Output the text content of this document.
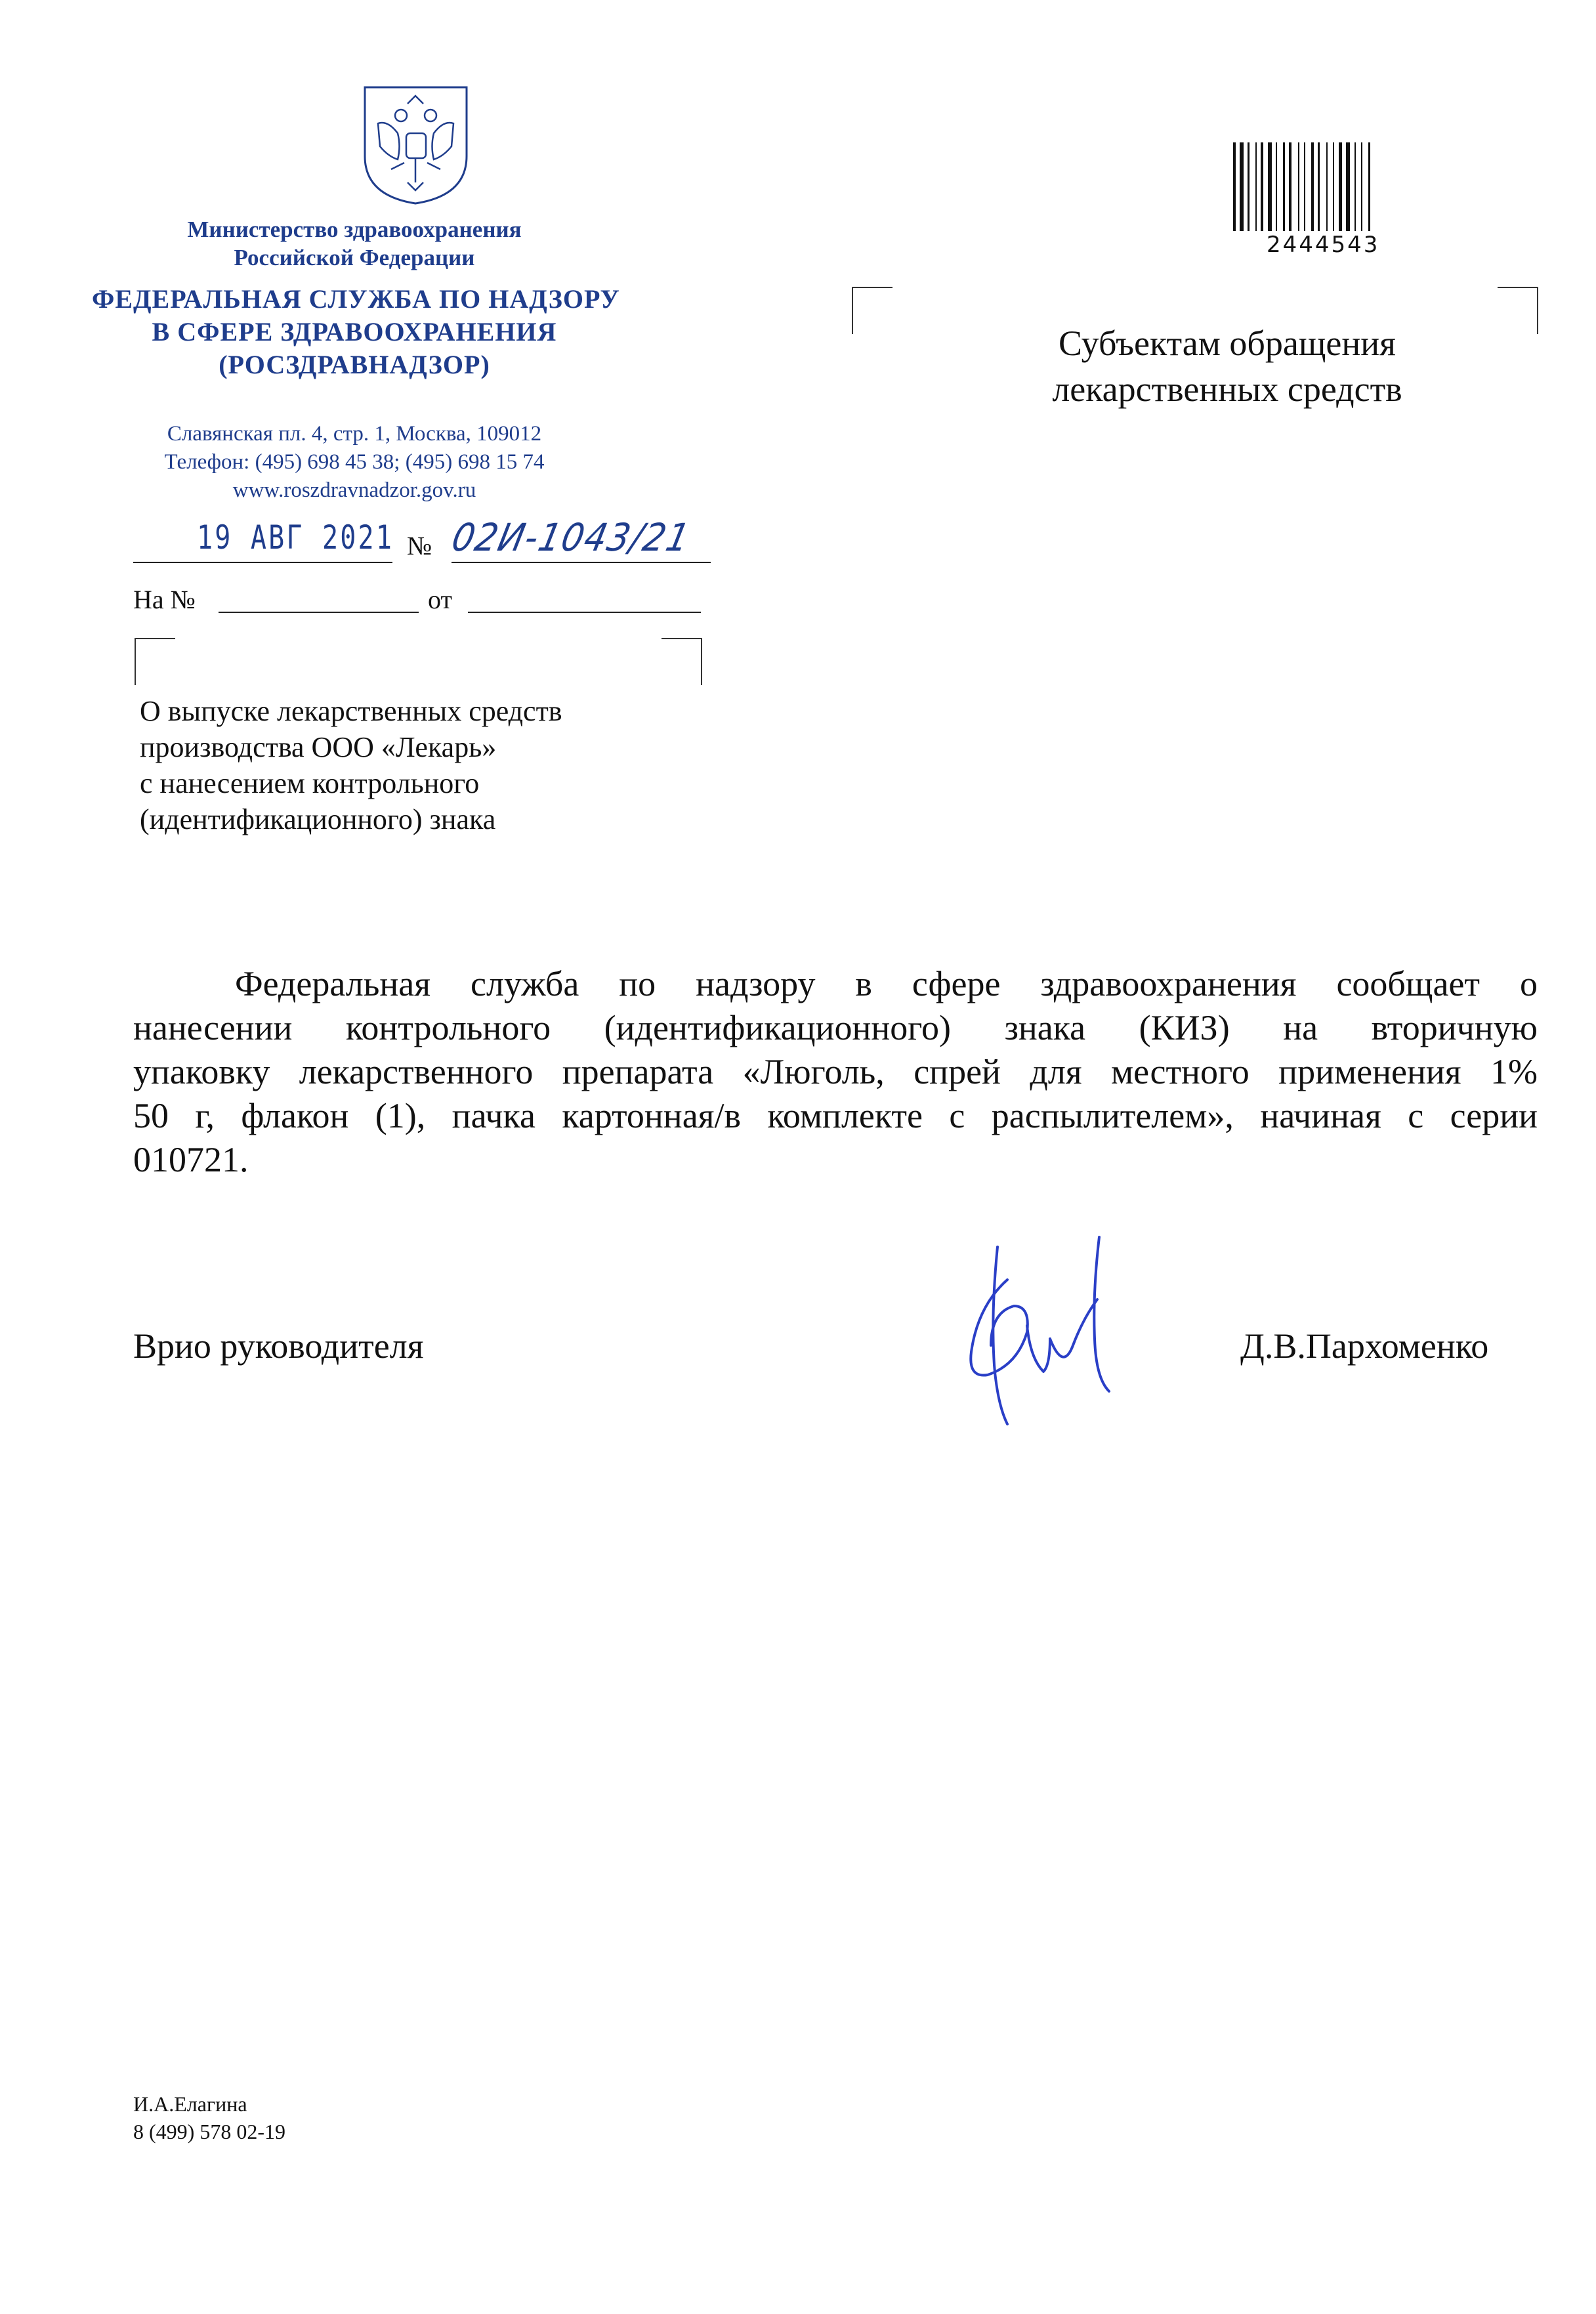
Министерство здравоохранения
Российской Федерации
ФЕДЕРАЛЬНАЯ СЛУЖБА ПО НАДЗОРУ
В СФЕРЕ ЗДРАВООХРАНЕНИЯ
(РОСЗДРАВНАДЗОР)
Славянская пл. 4, стр. 1, Москва, 109012
Телефон: (495) 698 45 38; (495) 698 15 74
www.roszdravnadzor.gov.ru
19 АВГ 2021 № 02И-1043/21
На №	от
О выпуске лекарственных средств
производства ООО «Лекарь»
с нанесением контрольного
(идентификационного) знака
2444543
Субъектам обращения
лекарственных средств
Федеральная служба по надзору в сфере здравоохранения сообщает о
нанесении контрольного (идентификационного) знака (КИЗ) на вторичную
упаковку лекарственного препарата «Люголь, спрей для местного применения 1%
50 г, флакон (1), пачка картонная/в комплекте с распылителем», начиная с серии
010721.
Врио руководителя	Д.В.Пархоменко
И.А.Елагина
8 (499) 578 02-19
